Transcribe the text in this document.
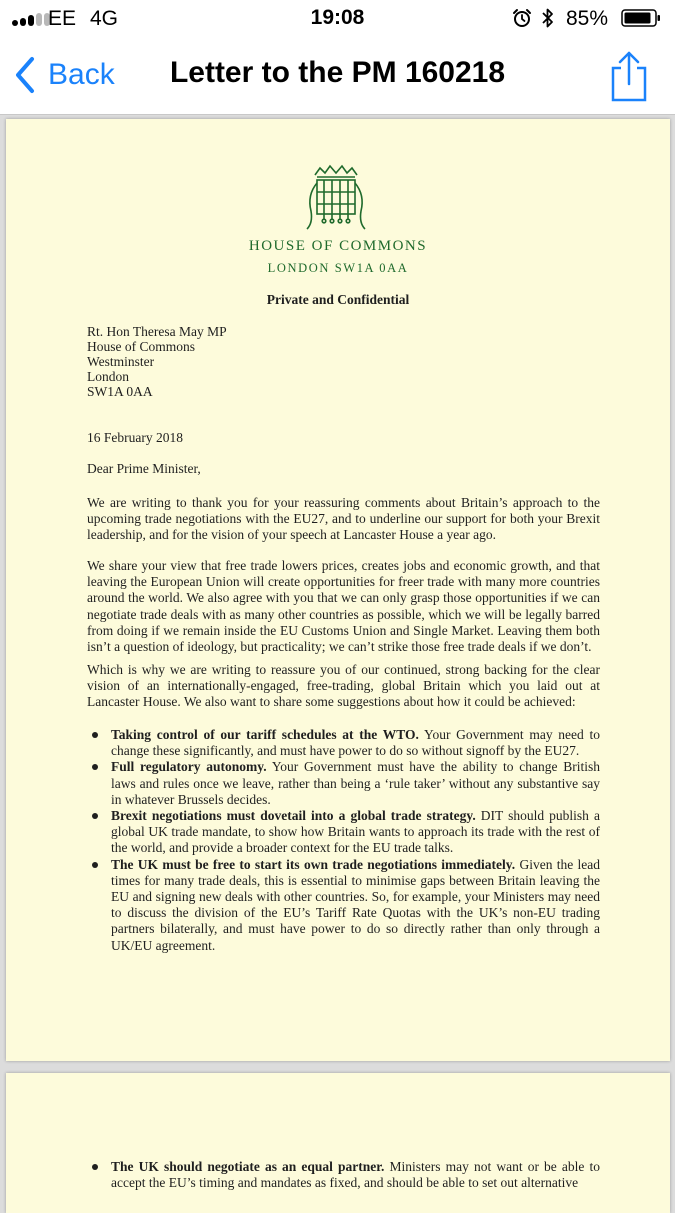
EE 4G	19:08	85%
Back	Letter to the PM 160218
HOUSE OF COMMONS
LONDON SW1A 0AA
Private and Confidential
Rt. Hon Theresa May MP
House of Commons
Westminster
London
SW1A 0AA
16 February 2018
Dear Prime Minister,
We are writing to thank you for your reassuring comments about Britain’s approach to the upcoming trade negotiations with the EU27, and to underline our support for both your Brexit leadership, and for the vision of your speech at Lancaster House a year ago.
We share your view that free trade lowers prices, creates jobs and economic growth, and that leaving the European Union will create opportunities for freer trade with many more countries around the world. We also agree with you that we can only grasp those opportunities if we can negotiate trade deals with as many other countries as possible, which we will be legally barred from doing if we remain inside the EU Customs Union and Single Market. Leaving them both isn’t a question of ideology, but practicality; we can’t strike those free trade deals if we don’t.
Which is why we are writing to reassure you of our continued, strong backing for the clear vision of an internationally-engaged, free-trading, global Britain which you laid out at Lancaster House. We also want to share some suggestions about how it could be achieved:
Taking control of our tariff schedules at the WTO. Your Government may need to change these significantly, and must have power to do so without signoff by the EU27.
Full regulatory autonomy. Your Government must have the ability to change British laws and rules once we leave, rather than being a ‘rule taker’ without any substantive say in whatever Brussels decides.
Brexit negotiations must dovetail into a global trade strategy. DIT should publish a global UK trade mandate, to show how Britain wants to approach its trade with the rest of the world, and provide a broader context for the EU trade talks.
The UK must be free to start its own trade negotiations immediately. Given the lead times for many trade deals, this is essential to minimise gaps between Britain leaving the EU and signing new deals with other countries. So, for example, your Ministers may need to discuss the division of the EU’s Tariff Rate Quotas with the UK’s non-EU trading partners bilaterally, and must have power to do so directly rather than only through a UK/EU agreement.
The UK should negotiate as an equal partner. Ministers may not want or be able to accept the EU’s timing and mandates as fixed, and should be able to set out alternative
